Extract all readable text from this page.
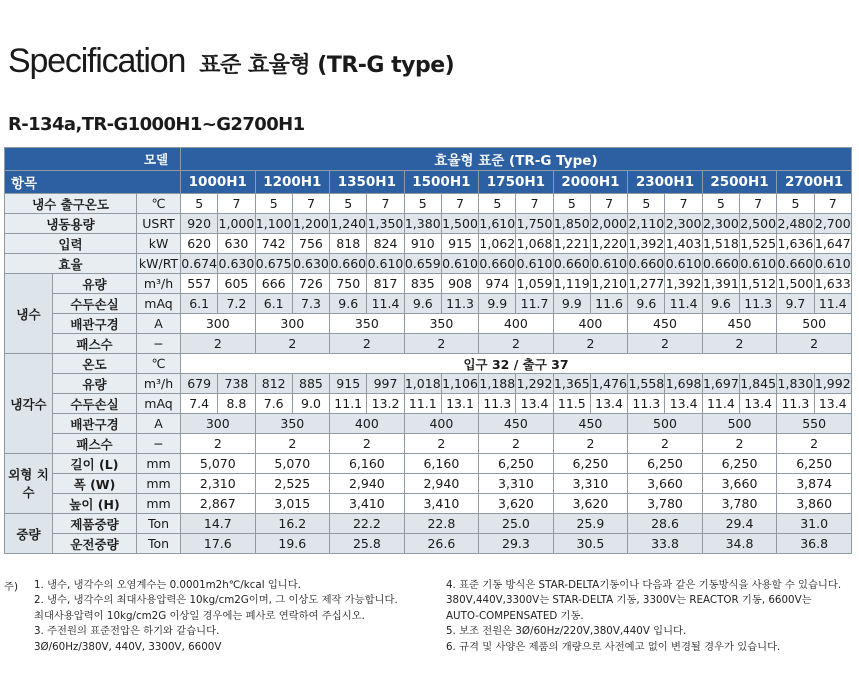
Specification 표준 효율형 (TR-G type)
R-134a,TR-G1000H1~G2700H1
모델			효율형 표준 (TR-G Type)																	
항목			1000H1		1200H1		1350H1		1500H1		1750H1		2000H1		2300H1		2500H1		2700H1	
냉수 출구온도		℃	5	7	5	7	5	7	5	7	5	7	5	7	5	7	5	7	5	7
냉동용량		USRT	920	1,000	1,100	1,200	1,240	1,350	1,380	1,500	1,610	1,750	1,850	2,000	2,110	2,300	2,300	2,500	2,480	2,700
입력		kW	620	630	742	756	818	824	910	915	1,062	1,068	1,221	1,220	1,392	1,403	1,518	1,525	1,636	1,647
효율		kW/RT	0.674	0.630	0.675	0.630	0.660	0.610	0.659	0.610	0.660	0.610	0.660	0.610	0.660	0.610	0.660	0.610	0.660	0.610
냉수	유량	m³/h	557	605	666	726	750	817	835	908	974	1,059	1,119	1,210	1,277	1,392	1,391	1,512	1,500	1,633
	수두손실	mAq	6.1	7.2	6.1	7.3	9.6	11.4	9.6	11.3	9.9	11.7	9.9	11.6	9.6	11.4	9.6	11.3	9.7	11.4
	배관구경	A	300		300		350		350		400		400		450		450		500	
	패스수	−	2		2		2		2		2		2		2		2		2	
냉각수	온도	℃	입구 32 / 출구 37																	
	유량	m³/h	679	738	812	885	915	997	1,018	1,106	1,188	1,292	1,365	1,476	1,558	1,698	1,697	1,845	1,830	1,992
	수두손실	mAq	7.4	8.8	7.6	9.0	11.1	13.2	11.1	13.1	11.3	13.4	11.5	13.4	11.3	13.4	11.4	13.4	11.3	13.4
	배관구경	A	300		350		400		400		450		450		500		500		550	
	패스수	−	2		2		2		2		2		2		2		2		2	
외형 치수	길이 (L)	mm	5,070		5,070		6,160		6,160		6,250		6,250		6,250		6,250		6,250	
	폭 (W)	mm	2,310		2,525		2,940		2,940		3,310		3,310		3,660		3,660		3,874	
	높이 (H)	mm	2,867		3,015		3,410		3,410		3,620		3,620		3,780		3,780		3,860	
중량	제품중량	Ton	14.7		16.2		22.2		22.8		25.0		25.9		28.6		29.4		31.0	
	운전중량	Ton	17.6		19.6		25.8		26.6		29.3		30.5		33.8		34.8		36.8	
주) 1. 냉수, 냉각수의 오염계수는 0.0001m2h℃/kcal 입니다.
2. 냉수, 냉각수의 최대사용압력은 10kg/cm2G이며, 그 이상도 제작 가능합니다.
최대사용압력이 10kg/cm2G 이상일 경우에는 폐사로 연락하여 주십시오.
3. 주전원의 표준전압은 하기와 같습니다.
3Ø/60Hz/380V, 440V, 3300V, 6600V
4. 표준 기동 방식은 STAR-DELTA기동이나 다음과 같은 기동방식을 사용할 수 있습니다.
380V,440V,3300V는 STAR-DELTA 기동, 3300V는 REACTOR 기동, 6600V는
AUTO-COMPENSATED 기동.
5. 보조 전원은 3Ø/60Hz/220V,380V,440V 입니다.
6. 규격 및 사양은 제품의 개량으로 사전예고 없이 변경될 경우가 있습니다.
